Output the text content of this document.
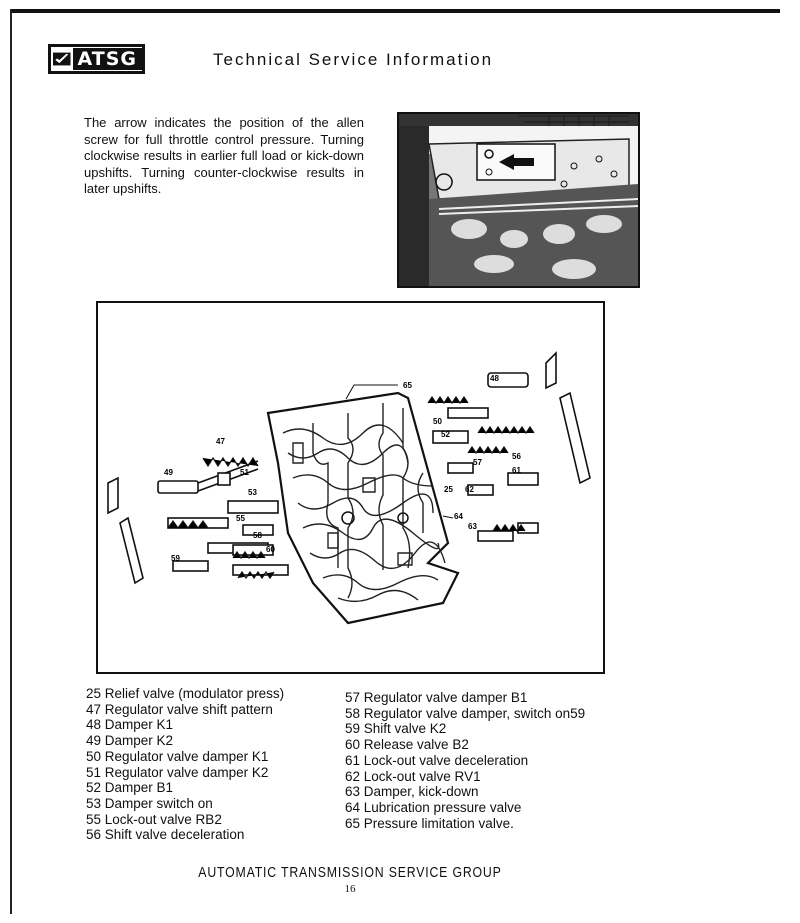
ATSG	Technical Service Information
The arrow indicates the position of the allen screw for full throttle control pressure. Turning clockwise results in earlier full load or kick-down upshifts. Turning counter-clockwise results in later upshifts.
65
48
47
50
52
51
49
53
57
56
61
25 62
55
58
60
64
63
59
25 Relief valve (modulator press)
47 Regulator valve shift pattern
48 Damper K1
49 Damper K2
50 Regulator valve damper K1
51 Regulator valve damper K2
52 Damper B1
53 Damper switch on
55 Lock-out valve RB2
56 Shift valve deceleration
57 Regulator valve damper B1
58 Regulator valve damper, switch on59
59 Shift valve K2
60 Release valve B2
61 Lock-out valve deceleration
62 Lock-out valve RV1
63 Damper, kick-down
64 Lubrication pressure valve
65 Pressure limitation valve.
AUTOMATIC TRANSMISSION SERVICE GROUP
16
